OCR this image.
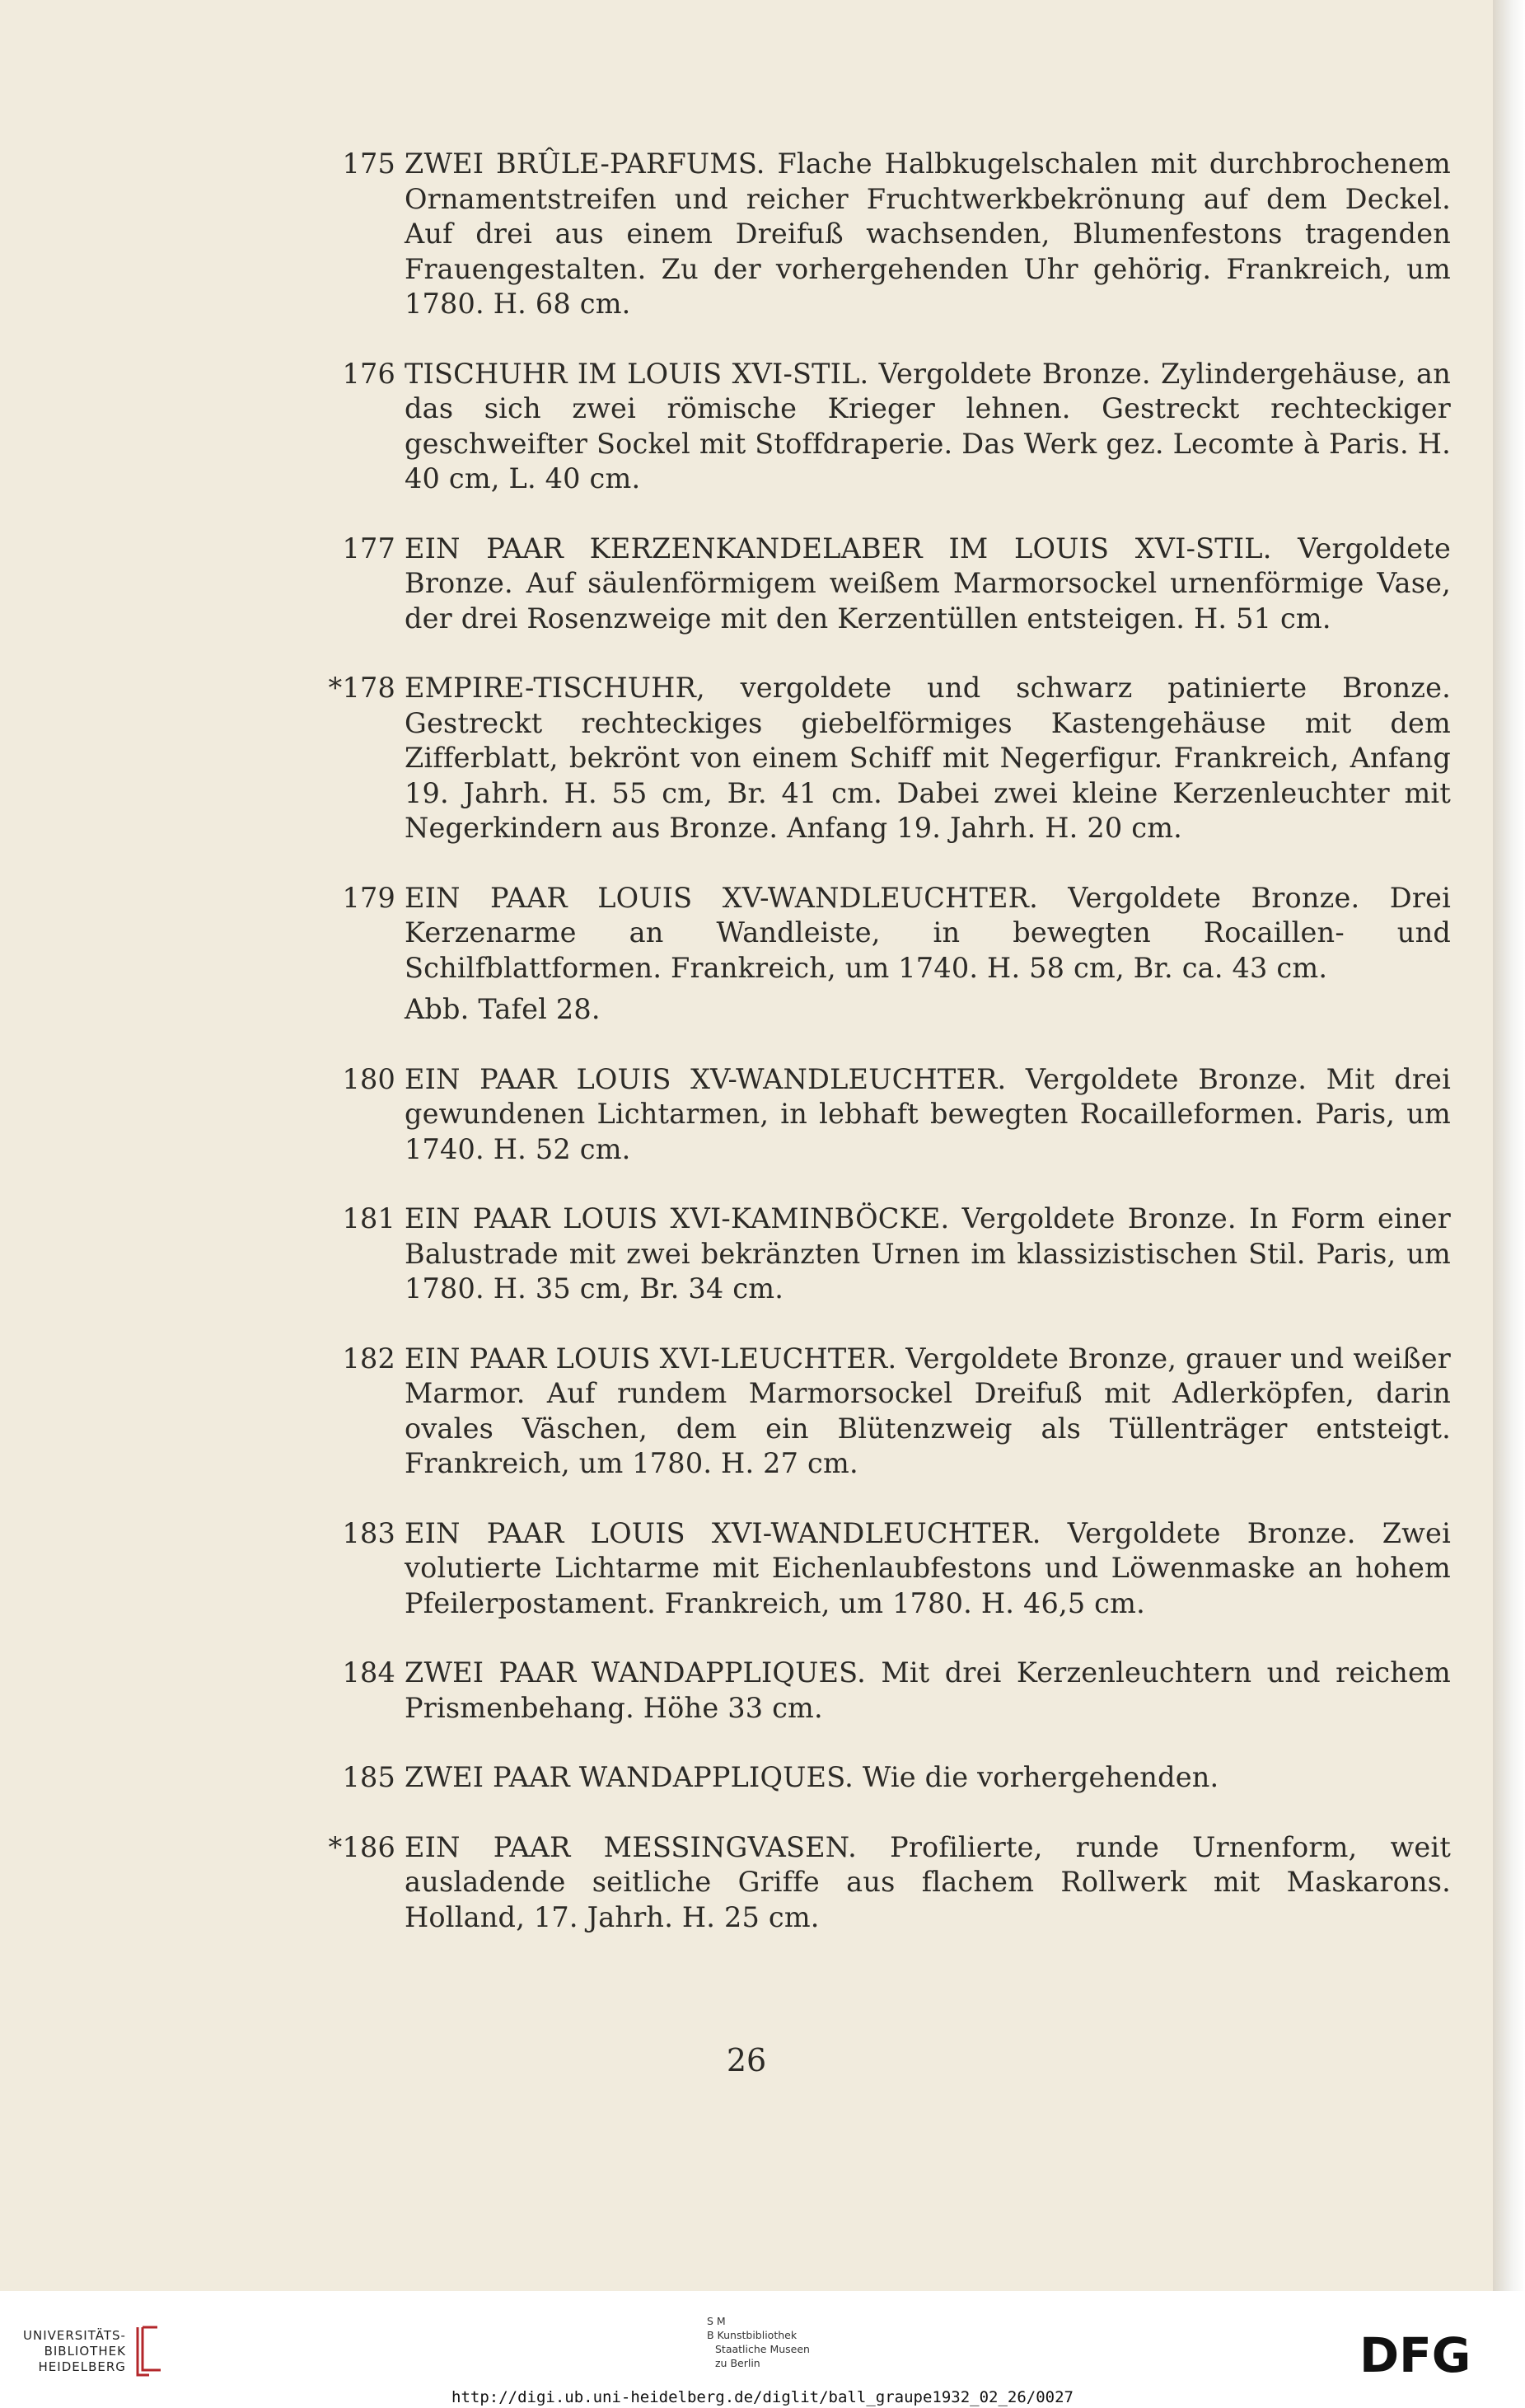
175 ZWEI BRÛLE-PARFUMS. Flache Halbkugelschalen mit durchbrochenem Ornamentstreifen und reicher Fruchtwerkbekrönung auf dem Deckel. Auf drei aus einem Dreifuß wachsenden, Blumenfestons tragenden Frauengestalten. Zu der vorhergehenden Uhr gehörig. Frankreich, um 1780. H. 68 cm.
176 TISCHUHR IM LOUIS XVI-STIL. Vergoldete Bronze. Zylindergehäuse, an das sich zwei römische Krieger lehnen. Gestreckt rechteckiger geschweifter Sockel mit Stoffdraperie. Das Werk gez. Lecomte à Paris. H. 40 cm, L. 40 cm.
177 EIN PAAR KERZENKANDELABER IM LOUIS XVI-STIL. Vergoldete Bronze. Auf säulenförmigem weißem Marmorsockel urnenförmige Vase, der drei Rosenzweige mit den Kerzentüllen entsteigen. H. 51 cm.
*178 EMPIRE-TISCHUHR, vergoldete und schwarz patinierte Bronze. Gestreckt rechteckiges giebelförmiges Kastengehäuse mit dem Zifferblatt, bekrönt von einem Schiff mit Negerfigur. Frankreich, Anfang 19. Jahrh. H. 55 cm, Br. 41 cm. Dabei zwei kleine Kerzenleuchter mit Negerkindern aus Bronze. Anfang 19. Jahrh. H. 20 cm.
179 EIN PAAR LOUIS XV-WANDLEUCHTER. Vergoldete Bronze. Drei Kerzenarme an Wandleiste, in bewegten Rocaillen- und Schilfblattformen. Frankreich, um 1740. H. 58 cm, Br. ca. 43 cm.
Abb. Tafel 28.
180 EIN PAAR LOUIS XV-WANDLEUCHTER. Vergoldete Bronze. Mit drei gewundenen Lichtarmen, in lebhaft bewegten Rocailleformen. Paris, um 1740. H. 52 cm.
181 EIN PAAR LOUIS XVI-KAMINBÖCKE. Vergoldete Bronze. In Form einer Balustrade mit zwei bekränzten Urnen im klassizistischen Stil. Paris, um 1780. H. 35 cm, Br. 34 cm.
182 EIN PAAR LOUIS XVI-LEUCHTER. Vergoldete Bronze, grauer und weißer Marmor. Auf rundem Marmorsockel Dreifuß mit Adlerköpfen, darin ovales Väschen, dem ein Blütenzweig als Tüllenträger entsteigt. Frankreich, um 1780. H. 27 cm.
183 EIN PAAR LOUIS XVI-WANDLEUCHTER. Vergoldete Bronze. Zwei volutierte Lichtarme mit Eichenlaubfestons und Löwenmaske an hohem Pfeilerpostament. Frankreich, um 1780. H. 46,5 cm.
184 ZWEI PAAR WANDAPPLIQUES. Mit drei Kerzenleuchtern und reichem Prismenbehang. Höhe 33 cm.
185 ZWEI PAAR WANDAPPLIQUES. Wie die vorhergehenden.
*186 EIN PAAR MESSINGVASEN. Profilierte, runde Urnenform, weit ausladende seitliche Griffe aus flachem Rollwerk mit Maskarons. Holland, 17. Jahrh. H. 25 cm.
26
UNIVERSITÄTS-
BIBLIOTHEK
HEIDELBERG
S M
B Kunstbibliothek
Staatliche Museen
zu Berlin	DFG
http://digi.ub.uni-heidelberg.de/diglit/ball_graupe1932_02_26/0027
